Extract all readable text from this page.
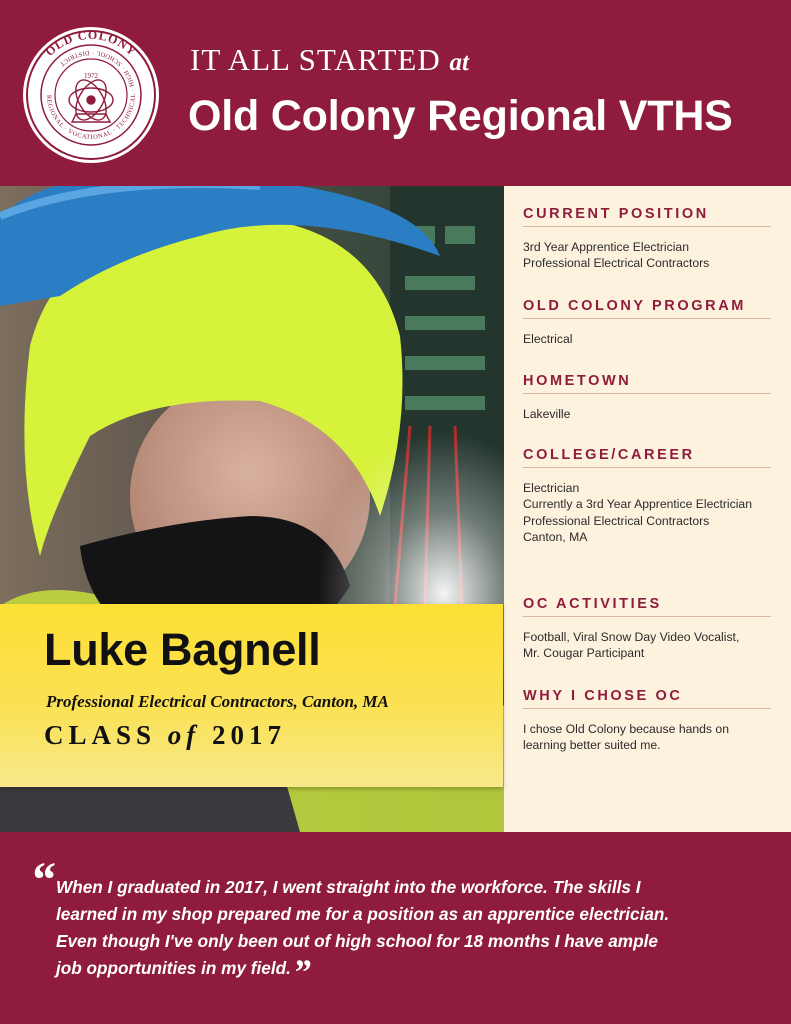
OLD COLONY
REGIONAL · VOCATIONAL · TECHNICAL · HIGH · SCHOOL · DISTRICT
1972	IT ALL STARTED at
Old Colony Regional VTHS
CURRENT POSITION
3rd Year Apprentice Electrician
Professional Electrical Contractors
OLD COLONY PROGRAM
Electrical
HOMETOWN
Lakeville
COLLEGE/CAREER
Electrician
Currently a 3rd Year Apprentice Electrician
Professional Electrical Contractors
Canton, MA
OC ACTIVITIES
Football, Viral Snow Day Video Vocalist,
Mr. Cougar Participant
WHY I CHOSE OC
I chose Old Colony because hands on
learning better suited me.
Luke Bagnell
Professional Electrical Contractors, Canton, MA
CLASS of 2017
“ When I graduated in 2017, I went straight into the workforce. The skills I
learned in my shop prepared me for a position as an apprentice electrician.
Even though I've only been out of high school for 18 months I have ample
job opportunities in my field.”
